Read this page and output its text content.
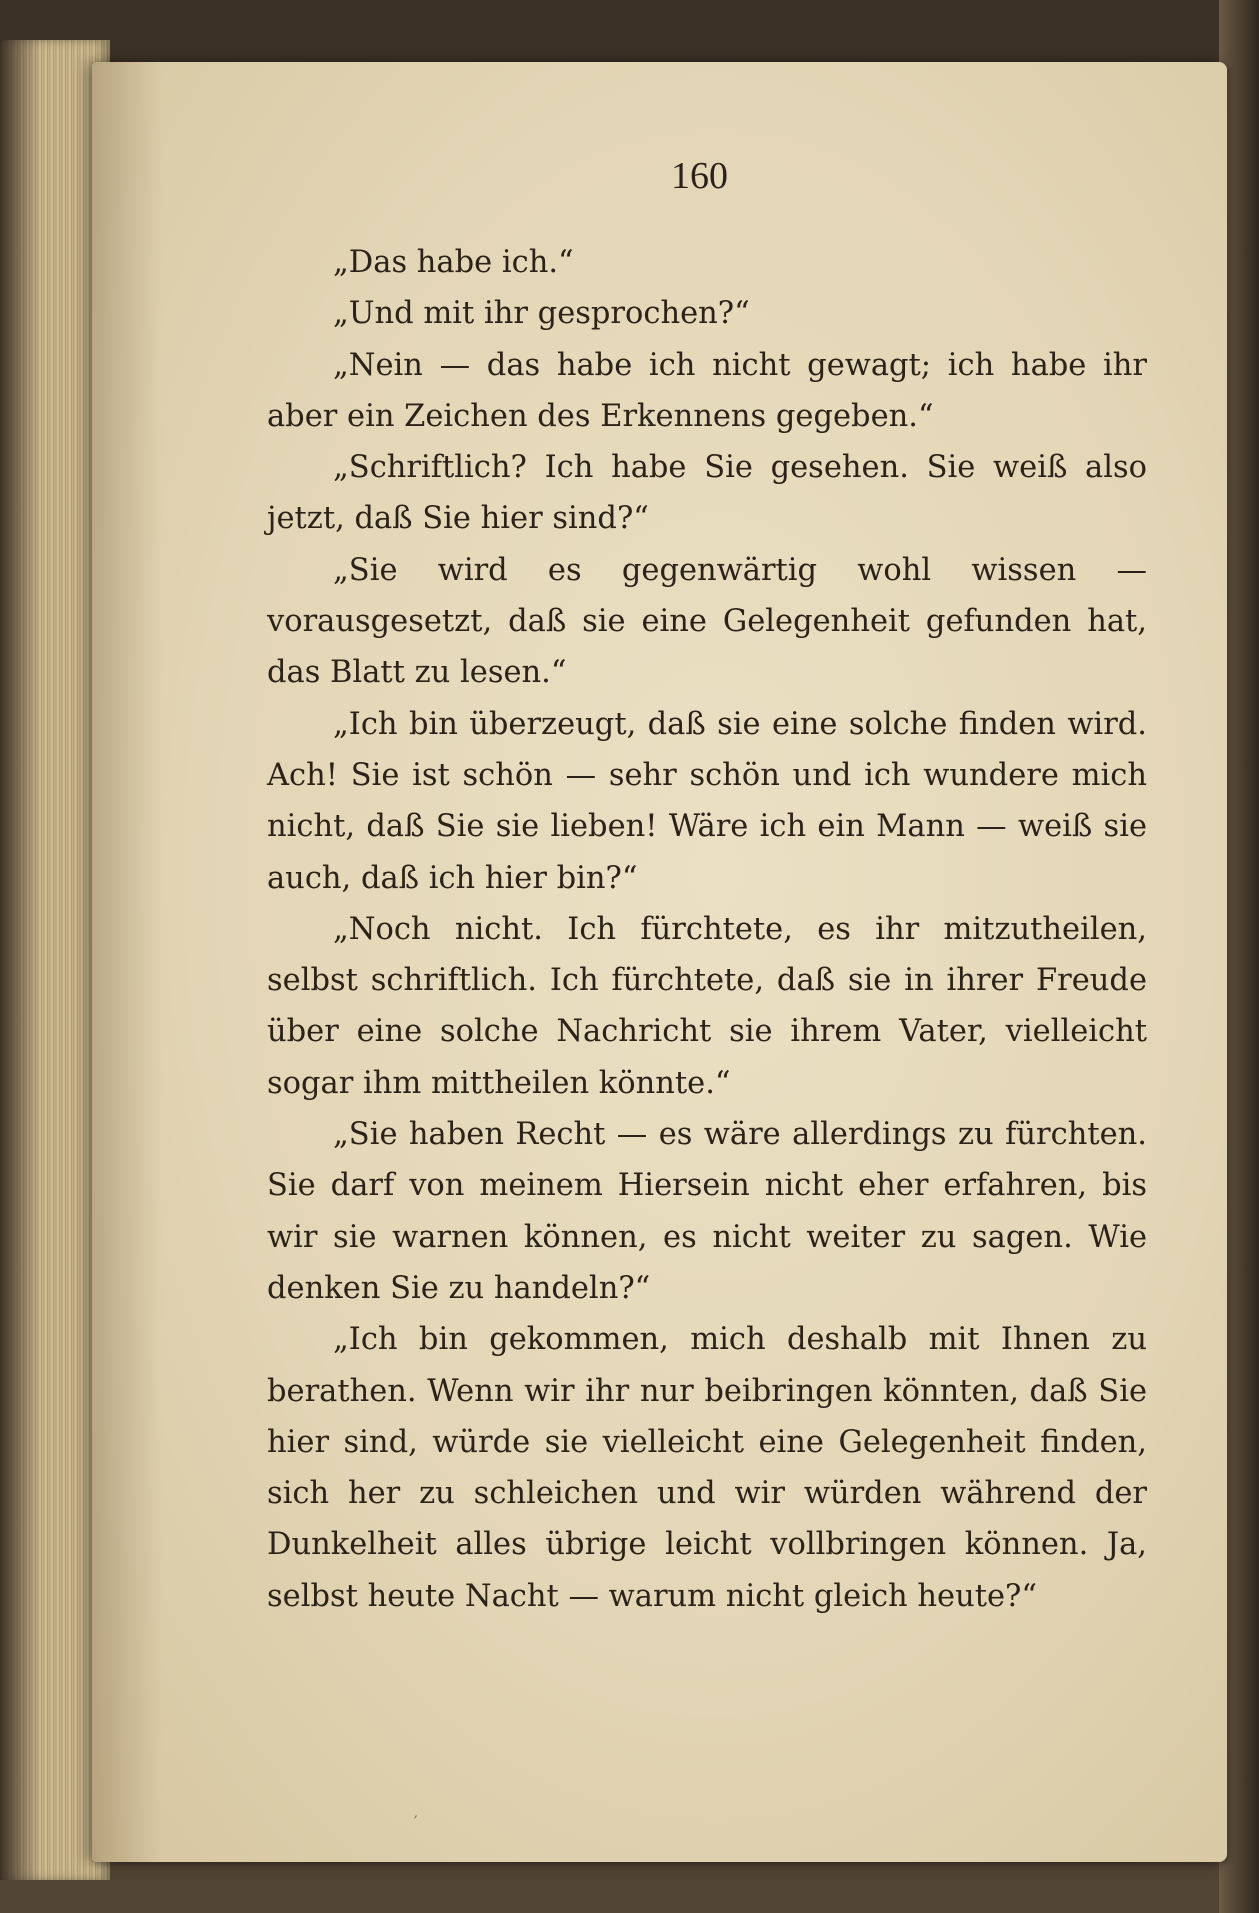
160

„Das habe ich.“

„Und mit ihr gesprochen?“

„Nein — das habe ich nicht gewagt; ich habe ihr aber ein Zeichen des Erkennens gegeben.“

„Schriftlich? Ich habe Sie gesehen. Sie weiß also jetzt, daß Sie hier sind?“

„Sie wird es gegenwärtig wohl wissen — vorausgesetzt, daß sie eine Gelegenheit gefunden hat, das Blatt zu lesen.“

„Ich bin überzeugt, daß sie eine solche finden wird. Ach! Sie ist schön — sehr schön und ich wundere mich nicht, daß Sie sie lieben! Wäre ich ein Mann — weiß sie auch, daß ich hier bin?“

„Noch nicht. Ich fürchtete, es ihr mitzutheilen, selbst schriftlich. Ich fürchtete, daß sie in ihrer Freude über eine solche Nachricht sie ihrem Vater, vielleicht sogar ihm mittheilen könnte.“

„Sie haben Recht — es wäre allerdings zu fürchten. Sie darf von meinem Hiersein nicht eher erfahren, bis wir sie warnen können, es nicht weiter zu sagen. Wie denken Sie zu handeln?“

„Ich bin gekommen, mich deshalb mit Ihnen zu berathen. Wenn wir ihr nur beibringen könnten, daß Sie hier sind, würde sie vielleicht eine Gelegenheit finden, sich her zu schleichen und wir würden während der Dunkelheit alles übrige leicht vollbringen können. Ja, selbst heute Nacht — warum nicht gleich heute?“

′
